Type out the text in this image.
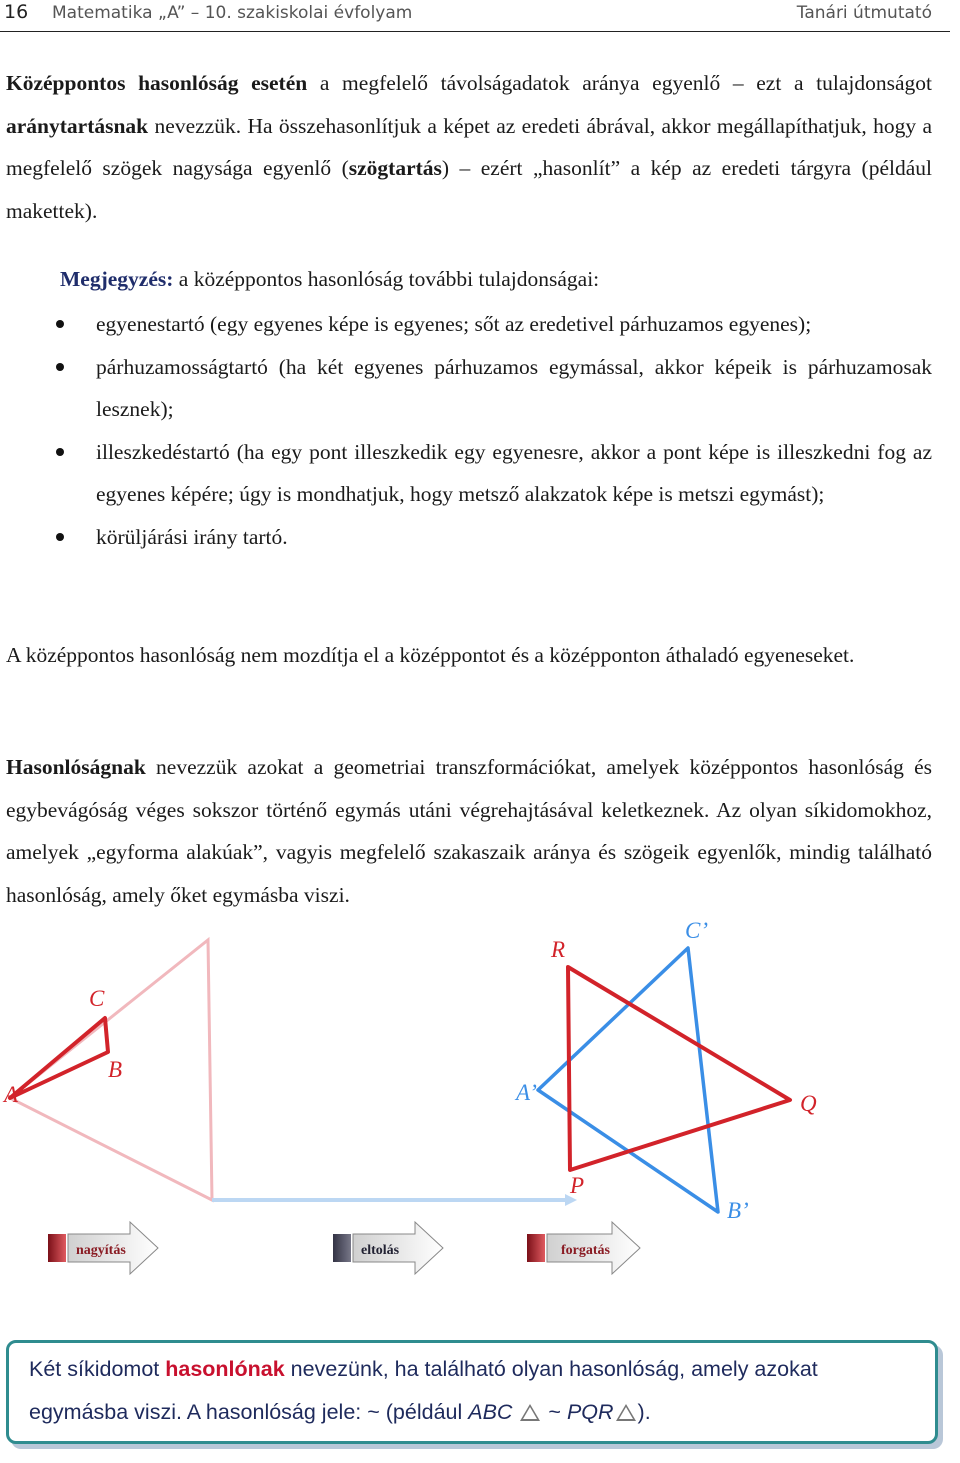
16 Matematika „A” – 10. szakiskolai évfolyam	Tanári útmutató
Középpontos hasonlóság esetén a megfelelő távolságadatok aránya egyenlő – ezt a tulajdonságot aránytartásnak nevezzük. Ha összehasonlítjuk a képet az eredeti ábrával, akkor megállapíthatjuk, hogy a megfelelő szögek nagysága egyenlő (szögtartás) – ezért „hasonlít” a kép az eredeti tárgyra (például makettek).
Megjegyzés: a középpontos hasonlóság további tulajdonságai:
egyenestartó (egy egyenes képe is egyenes; sőt az eredetivel párhuzamos egyenes);
párhuzamosságtartó (ha két egyenes párhuzamos egymással, akkor képeik is párhuzamosak lesznek);
illeszkedéstartó (ha egy pont illeszkedik egy egyenesre, akkor a pont képe is illeszkedni fog az egyenes képére; úgy is mondhatjuk, hogy metsző alakzatok képe is metszi egymást);
körüljárási irány tartó.
A középpontos hasonlóság nem mozdítja el a középpontot és a középponton áthaladó egyeneseket.
Hasonlóságnak nevezzük azokat a geometriai transzformációkat, amelyek középpontos hasonlóság és egybevágóság véges sokszor történő egymás utáni végrehajtásával keletkeznek. Az olyan síkidomokhoz, amelyek „egyforma alakúak”, vagyis megfelelő szakaszaik aránya és szögeik egyenlők, mindig található hasonlóság, amely őket egymásba viszi.
A
C
B
R
Q
P
C’
A’
B’
nagyítás	eltolás	forgatás
Két síkidomot hasonlónak nevezünk, ha található olyan hasonlóság, amely azokat egymásba viszi. A hasonlóság jele: ~ (például ABC  ~ PQR ).
